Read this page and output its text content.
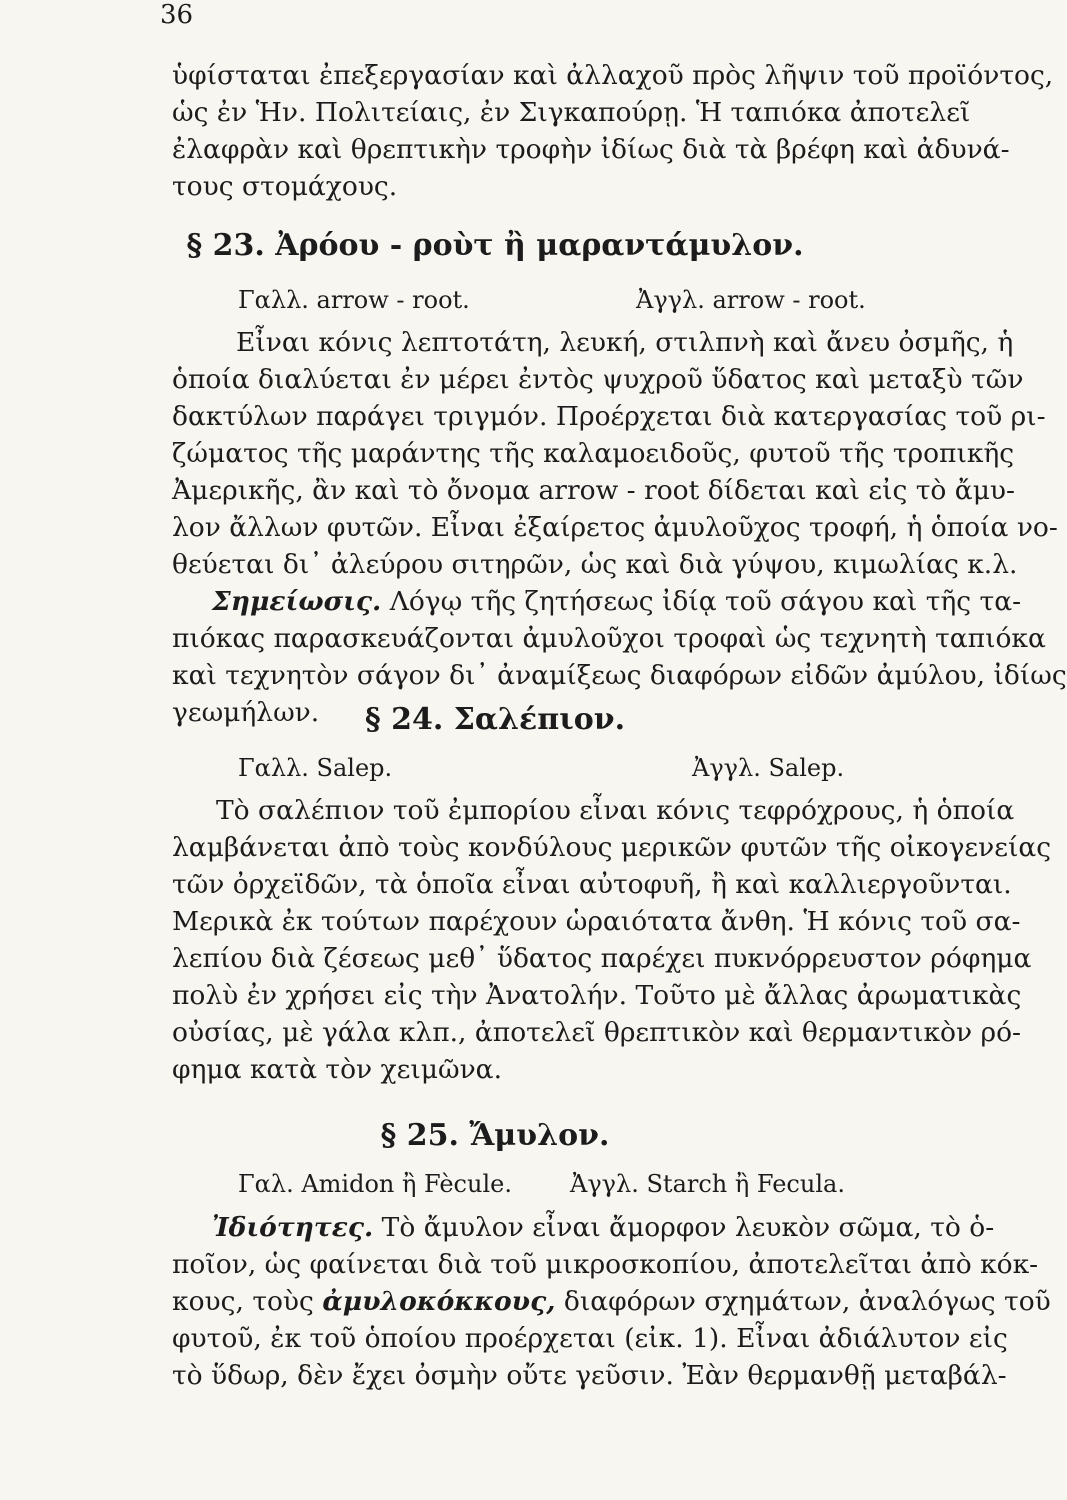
36
ὑφίσταται ἐπεξεργασίαν καὶ ἀλλαχοῦ πρὸς λῆψιν τοῦ προϊόντος,
ὡς ἐν Ἡν. Πολιτείαις, ἐν Σιγκαπούρῃ. Ἡ ταπιόκα ἀποτελεῖ
ἐλαφρὰν καὶ θρεπτικὴν τροφὴν ἰδίως διὰ τὰ βρέφη καὶ ἀδυνά-
τους στομάχους.
§ 23. Ἀρόου - ροὺτ ἢ μαραντάμυλον.
Γαλλ. arrow - root.	Ἀγγλ. arrow - root.
Εἶναι κόνις λεπτοτάτη, λευκή, στιλπνὴ καὶ ἄνευ ὀσμῆς, ἡ
ὁποία διαλύεται ἐν μέρει ἐντὸς ψυχροῦ ὕδατος καὶ μεταξὺ τῶν
δακτύλων παράγει τριγμόν. Προέρχεται διὰ κατεργασίας τοῦ ρι-
ζώματος τῆς μαράντης τῆς καλαμοειδοῦς, φυτοῦ τῆς τροπικῆς
Ἀμερικῆς, ἂν καὶ τὸ ὄνομα arrow - root δίδεται καὶ εἰς τὸ ἄμυ-
λον ἄλλων φυτῶν. Εἶναι ἐξαίρετος ἀμυλοῦχος τροφή, ἡ ὁποία νο-
θεύεται δι᾽ ἀλεύρου σιτηρῶν, ὡς καὶ διὰ γύψου, κιμωλίας κ.λ.
Σημείωσις. Λόγῳ τῆς ζητήσεως ἰδίᾳ τοῦ σάγου καὶ τῆς τα-
πιόκας παρασκευάζονται ἀμυλοῦχοι τροφαὶ ὡς τεχνητὴ ταπιόκα
καὶ τεχνητὸν σάγον δι᾽ ἀναμίξεως διαφόρων εἰδῶν ἀμύλου, ἰδίως
γεωμήλων.	§ 24. Σαλέπιον.
Γαλλ. Salep.	Ἀγγλ. Salep.
Τὸ σαλέπιον τοῦ ἐμπορίου εἶναι κόνις τεφρόχρους, ἡ ὁποία
λαμβάνεται ἀπὸ τοὺς κονδύλους μερικῶν φυτῶν τῆς οἰκογενείας
τῶν ὀρχεϊδῶν, τὰ ὁποῖα εἶναι αὐτοφυῆ, ἢ καὶ καλλιεργοῦνται.
Μερικὰ ἐκ τούτων παρέχουν ὡραιότατα ἄνθη. Ἡ κόνις τοῦ σα-
λεπίου διὰ ζέσεως μεθ᾽ ὕδατος παρέχει πυκνόρρευστον ρόφημα
πολὺ ἐν χρήσει εἰς τὴν Ἀνατολήν. Τοῦτο μὲ ἄλλας ἀρωματικὰς
οὐσίας, μὲ γάλα κλπ., ἀποτελεῖ θρεπτικὸν καὶ θερμαντικὸν ρό-
φημα κατὰ τὸν χειμῶνα.
§ 25. Ἄμυλον.
Γαλ. Amidon ἢ Fècule. Ἀγγλ. Starch ἢ Fecula.
Ἰδιότητες. Τὸ ἄμυλον εἶναι ἄμορφον λευκὸν σῶμα, τὸ ὁ-
ποῖον, ὡς φαίνεται διὰ τοῦ μικροσκοπίου, ἀποτελεῖται ἀπὸ κόκ-
κους, τοὺς ἀμυλοκόκκους, διαφόρων σχημάτων, ἀναλόγως τοῦ
φυτοῦ, ἐκ τοῦ ὁποίου προέρχεται (εἰκ. 1). Εἶναι ἀδιάλυτον εἰς
τὸ ὕδωρ, δὲν ἔχει ὀσμὴν οὔτε γεῦσιν. Ἐὰν θερμανθῇ μεταβάλ-
